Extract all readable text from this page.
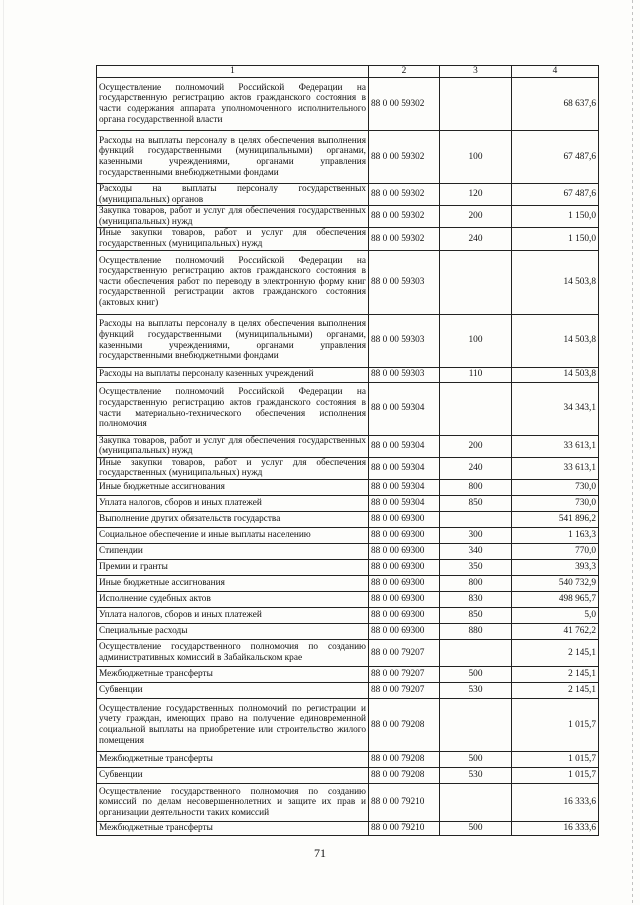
1	2	3	4
Осуществление полномочий Российской Федерации на государственную регистрацию актов гражданского состояния в части содержания аппарата уполномоченного исполнительного органа государственной власти	88 0 00 59302		68 637,6
Расходы на выплаты персоналу в целях обеспечения выполнения функций государственными (муниципальными) органами, казенными учреждениями, органами управления государственными внебюджетными фондами	88 0 00 59302	100	67 487,6
Расходы на выплаты персоналу государственных (муниципальных) органов	88 0 00 59302	120	67 487,6
Закупка товаров, работ и услуг для обеспечения государственных (муниципальных) нужд	88 0 00 59302	200	1 150,0
Иные закупки товаров, работ и услуг для обеспечения государственных (муниципальных) нужд	88 0 00 59302	240	1 150,0
Осуществление полномочий Российской Федерации на государственную регистрацию актов гражданского состояния в части обеспечения работ по переводу в электронную форму книг государственной регистрации актов гражданского состояния (актовых книг)	88 0 00 59303		14 503,8
Расходы на выплаты персоналу в целях обеспечения выполнения функций государственными (муниципальными) органами, казенными учреждениями, органами управления государственными внебюджетными фондами	88 0 00 59303	100	14 503,8
Расходы на выплаты персоналу казенных учреждений	88 0 00 59303	110	14 503,8
Осуществление полномочий Российской Федерации на государственную регистрацию актов гражданского состояния в части материально-технического обеспечения исполнения полномочия	88 0 00 59304		34 343,1
Закупка товаров, работ и услуг для обеспечения государственных (муниципальных) нужд	88 0 00 59304	200	33 613,1
Иные закупки товаров, работ и услуг для обеспечения государственных (муниципальных) нужд	88 0 00 59304	240	33 613,1
Иные бюджетные ассигнования	88 0 00 59304	800	730,0
Уплата налогов, сборов и иных платежей	88 0 00 59304	850	730,0
Выполнение других обязательств государства	88 0 00 69300		541 896,2
Социальное обеспечение и иные выплаты населению	88 0 00 69300	300	1 163,3
Стипендии	88 0 00 69300	340	770,0
Премии и гранты	88 0 00 69300	350	393,3
Иные бюджетные ассигнования	88 0 00 69300	800	540 732,9
Исполнение судебных актов	88 0 00 69300	830	498 965,7
Уплата налогов, сборов и иных платежей	88 0 00 69300	850	5,0
Специальные расходы	88 0 00 69300	880	41 762,2
Осуществление государственного полномочия по созданию административных комиссий в Забайкальском крае	88 0 00 79207		2 145,1
Межбюджетные трансферты	88 0 00 79207	500	2 145,1
Субвенции	88 0 00 79207	530	2 145,1
Осуществление государственных полномочий по регистрации и учету граждан, имеющих право на получение единовременной социальной выплаты на приобретение или строительство жилого помещения	88 0 00 79208		1 015,7
Межбюджетные трансферты	88 0 00 79208	500	1 015,7
Субвенции	88 0 00 79208	530	1 015,7
Осуществление государственного полномочия по созданию комиссий по делам несовершеннолетних и защите их прав и организации деятельности таких комиссий	88 0 00 79210		16 333,6
Межбюджетные трансферты	88 0 00 79210	500	16 333,6
71
